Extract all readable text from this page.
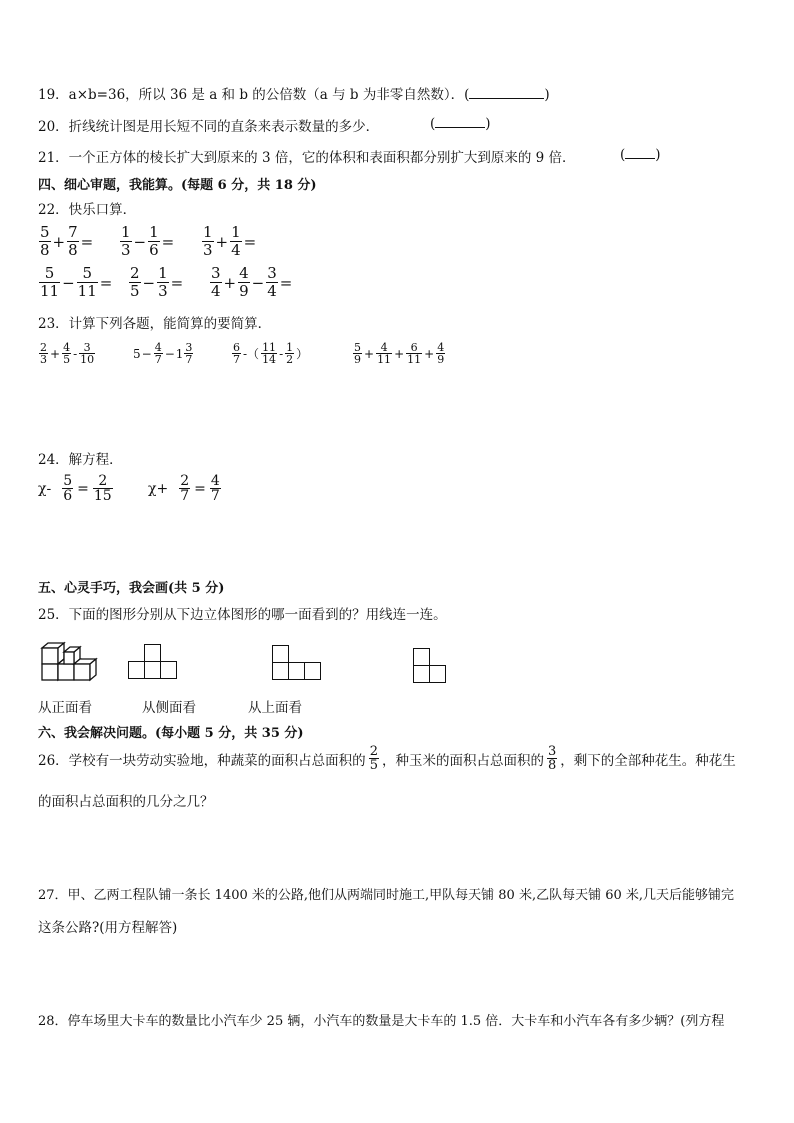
19．a×b=36，所以 36 是 a 和 b 的公倍数（a 与 b 为非零自然数）．(	)
20．折线统计图是用长短不同的直条来表示数量的多少．	(	)
21．一个正方体的棱长扩大到原来的 3 倍，它的体积和表面积都分别扩大到原来的 9 倍．	( )
四、细心审题，我能算。(每题 6 分，共 18 分)
22．快乐口算．
$\frac{5}{8} + \frac{7}{8} = \frac{1}{3} - \frac{1}{6} = \frac{1}{3} + \frac{1}{4}$ =
$\frac{5}{11} - \frac{5}{11} = \frac{2}{5} - \frac{1}{3} = \frac{3}{4} + \frac{4}{9} - \frac{3}{4}$ =
23．计算下列各题，能简算的要简算．
$\frac{2}{3} + \frac{4}{5} - \frac{3}{10}$	$5 - \frac{4}{7} - 1 \frac{3}{7}$	$\frac{6}{7}$ -（ $\frac{11}{14} - \frac{1}{2}$ ）	$\frac{5}{9} + \frac{4}{11} + \frac{6}{11} + \frac{4}{9}$
24．解方程．
$\chi- \frac{5}{6} = \frac{2}{15}$	$\chi+ \frac{2}{7} = \frac{4}{7}$
五、心灵手巧，我会画(共 5 分)
25．下面的图形分别从下边立体图形的哪一面看到的？用线连一连。
从正面看	从侧面看	从上面看
六、我会解决问题。(每小题 5 分，共 35 分)
26．学校有一块劳动实验地，种蔬菜的面积占总面积的 $\frac{2}{5}$ ，种玉米的面积占总面积的 $\frac{3}{8}$ ，剩下的全部种花生。种花生
的面积占总面积的几分之几？
27．甲、乙两工程队铺一条长 1400 米的公路,他们从两端同时施工,甲队每天铺 80 米,乙队每天铺 60 米,几天后能够铺完
这条公路?(用方程解答)
28．停车场里大卡车的数量比小汽车少 25 辆，小汽车的数量是大卡车的 1.5 倍．大卡车和小汽车各有多少辆？(列方程
